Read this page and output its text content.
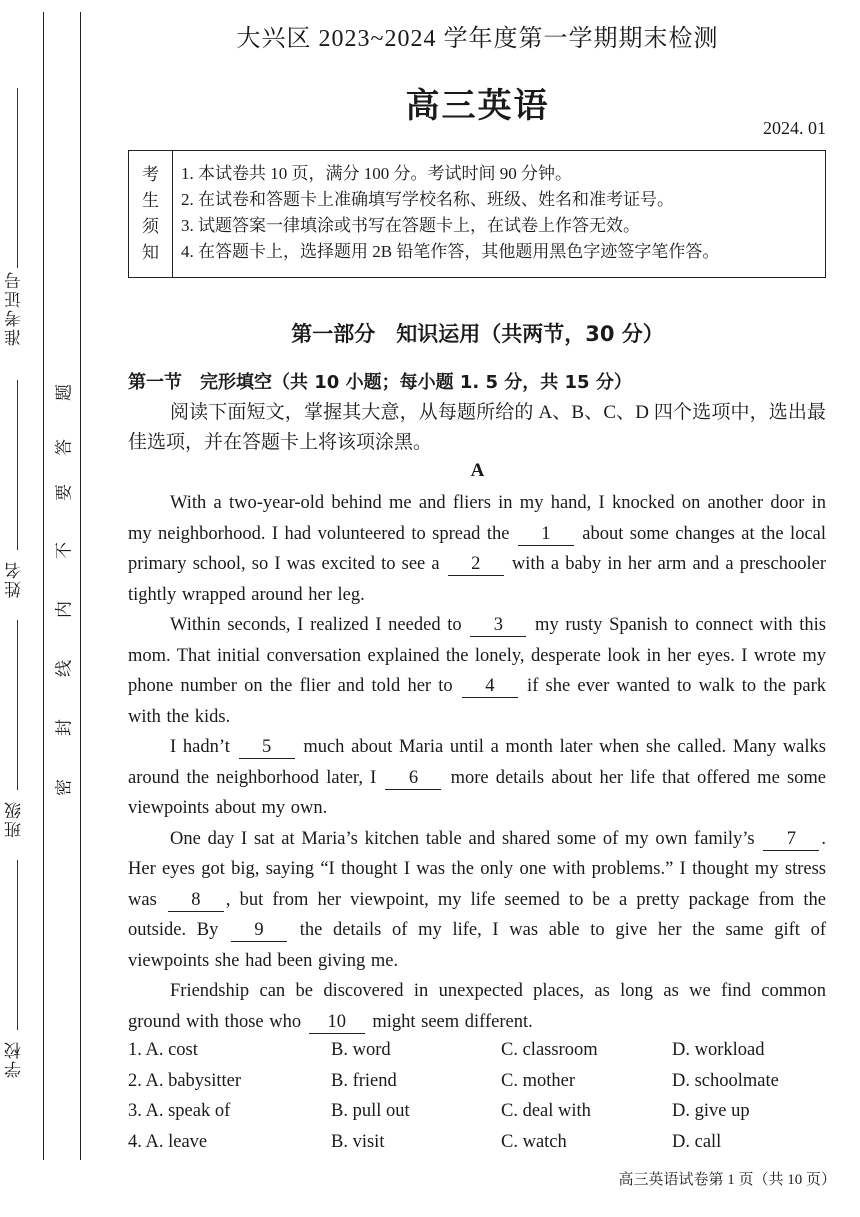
准考证号
姓名
班级
学校
密
封
线
内
不
要
答
题
大兴区 2023~2024 学年度第一学期期末检测
高三英语
2024. 01
考
生
须
知
1. 本试卷共 10 页，满分 100 分。考试时间 90 分钟。
2. 在试卷和答题卡上准确填写学校名称、班级、姓名和准考证号。
3. 试题答案一律填涂或书写在答题卡上，在试卷上作答无效。
4. 在答题卡上，选择题用 2B 铅笔作答，其他题用黑色字迹签字笔作答。
第一部分　知识运用（共两节，30 分）
第一节　完形填空（共 10 小题；每小题 1. 5 分，共 15 分）
阅读下面短文，掌握其大意，从每题所给的 A、B、C、D 四个选项中，选出最佳选项，并在答题卡上将该项涂黑。
A

With a two-year-old behind me and fliers in my hand, I knocked on another door in my neighborhood. I had volunteered to spread the 1 about some changes at the local primary school, so I was excited to see a 2 with a baby in her arm and a preschooler tightly wrapped around her leg.

Within seconds, I realized I needed to 3 my rusty Spanish to connect with this mom. That initial conversation explained the lonely, desperate look in her eyes. I wrote my phone number on the flier and told her to 4 if she ever wanted to walk to the park with the kids.

I hadn’t 5 much about Maria until a month later when she called. Many walks around the neighborhood later, I 6 more details about her life that offered me some viewpoints about my own.

One day I sat at Maria’s kitchen table and shared some of my own family’s 7 . Her eyes got big, saying “I thought I was the only one with problems.” I thought my stress was 8 , but from her viewpoint, my life seemed to be a pretty package from the outside. By 9 the details of my life, I was able to give her the same gift of viewpoints she had been giving me.

Friendship can be discovered in unexpected places, as long as we find common ground with those who 10 might seem different.

1. A. cost	B. word	C. classroom	D. workload
2. A. babysitter	B. friend	C. mother	D. schoolmate
3. A. speak of	B. pull out	C. deal with	D. give up
4. A. leave	B. visit	C. watch	D. call
高三英语试卷第 1 页（共 10 页）
